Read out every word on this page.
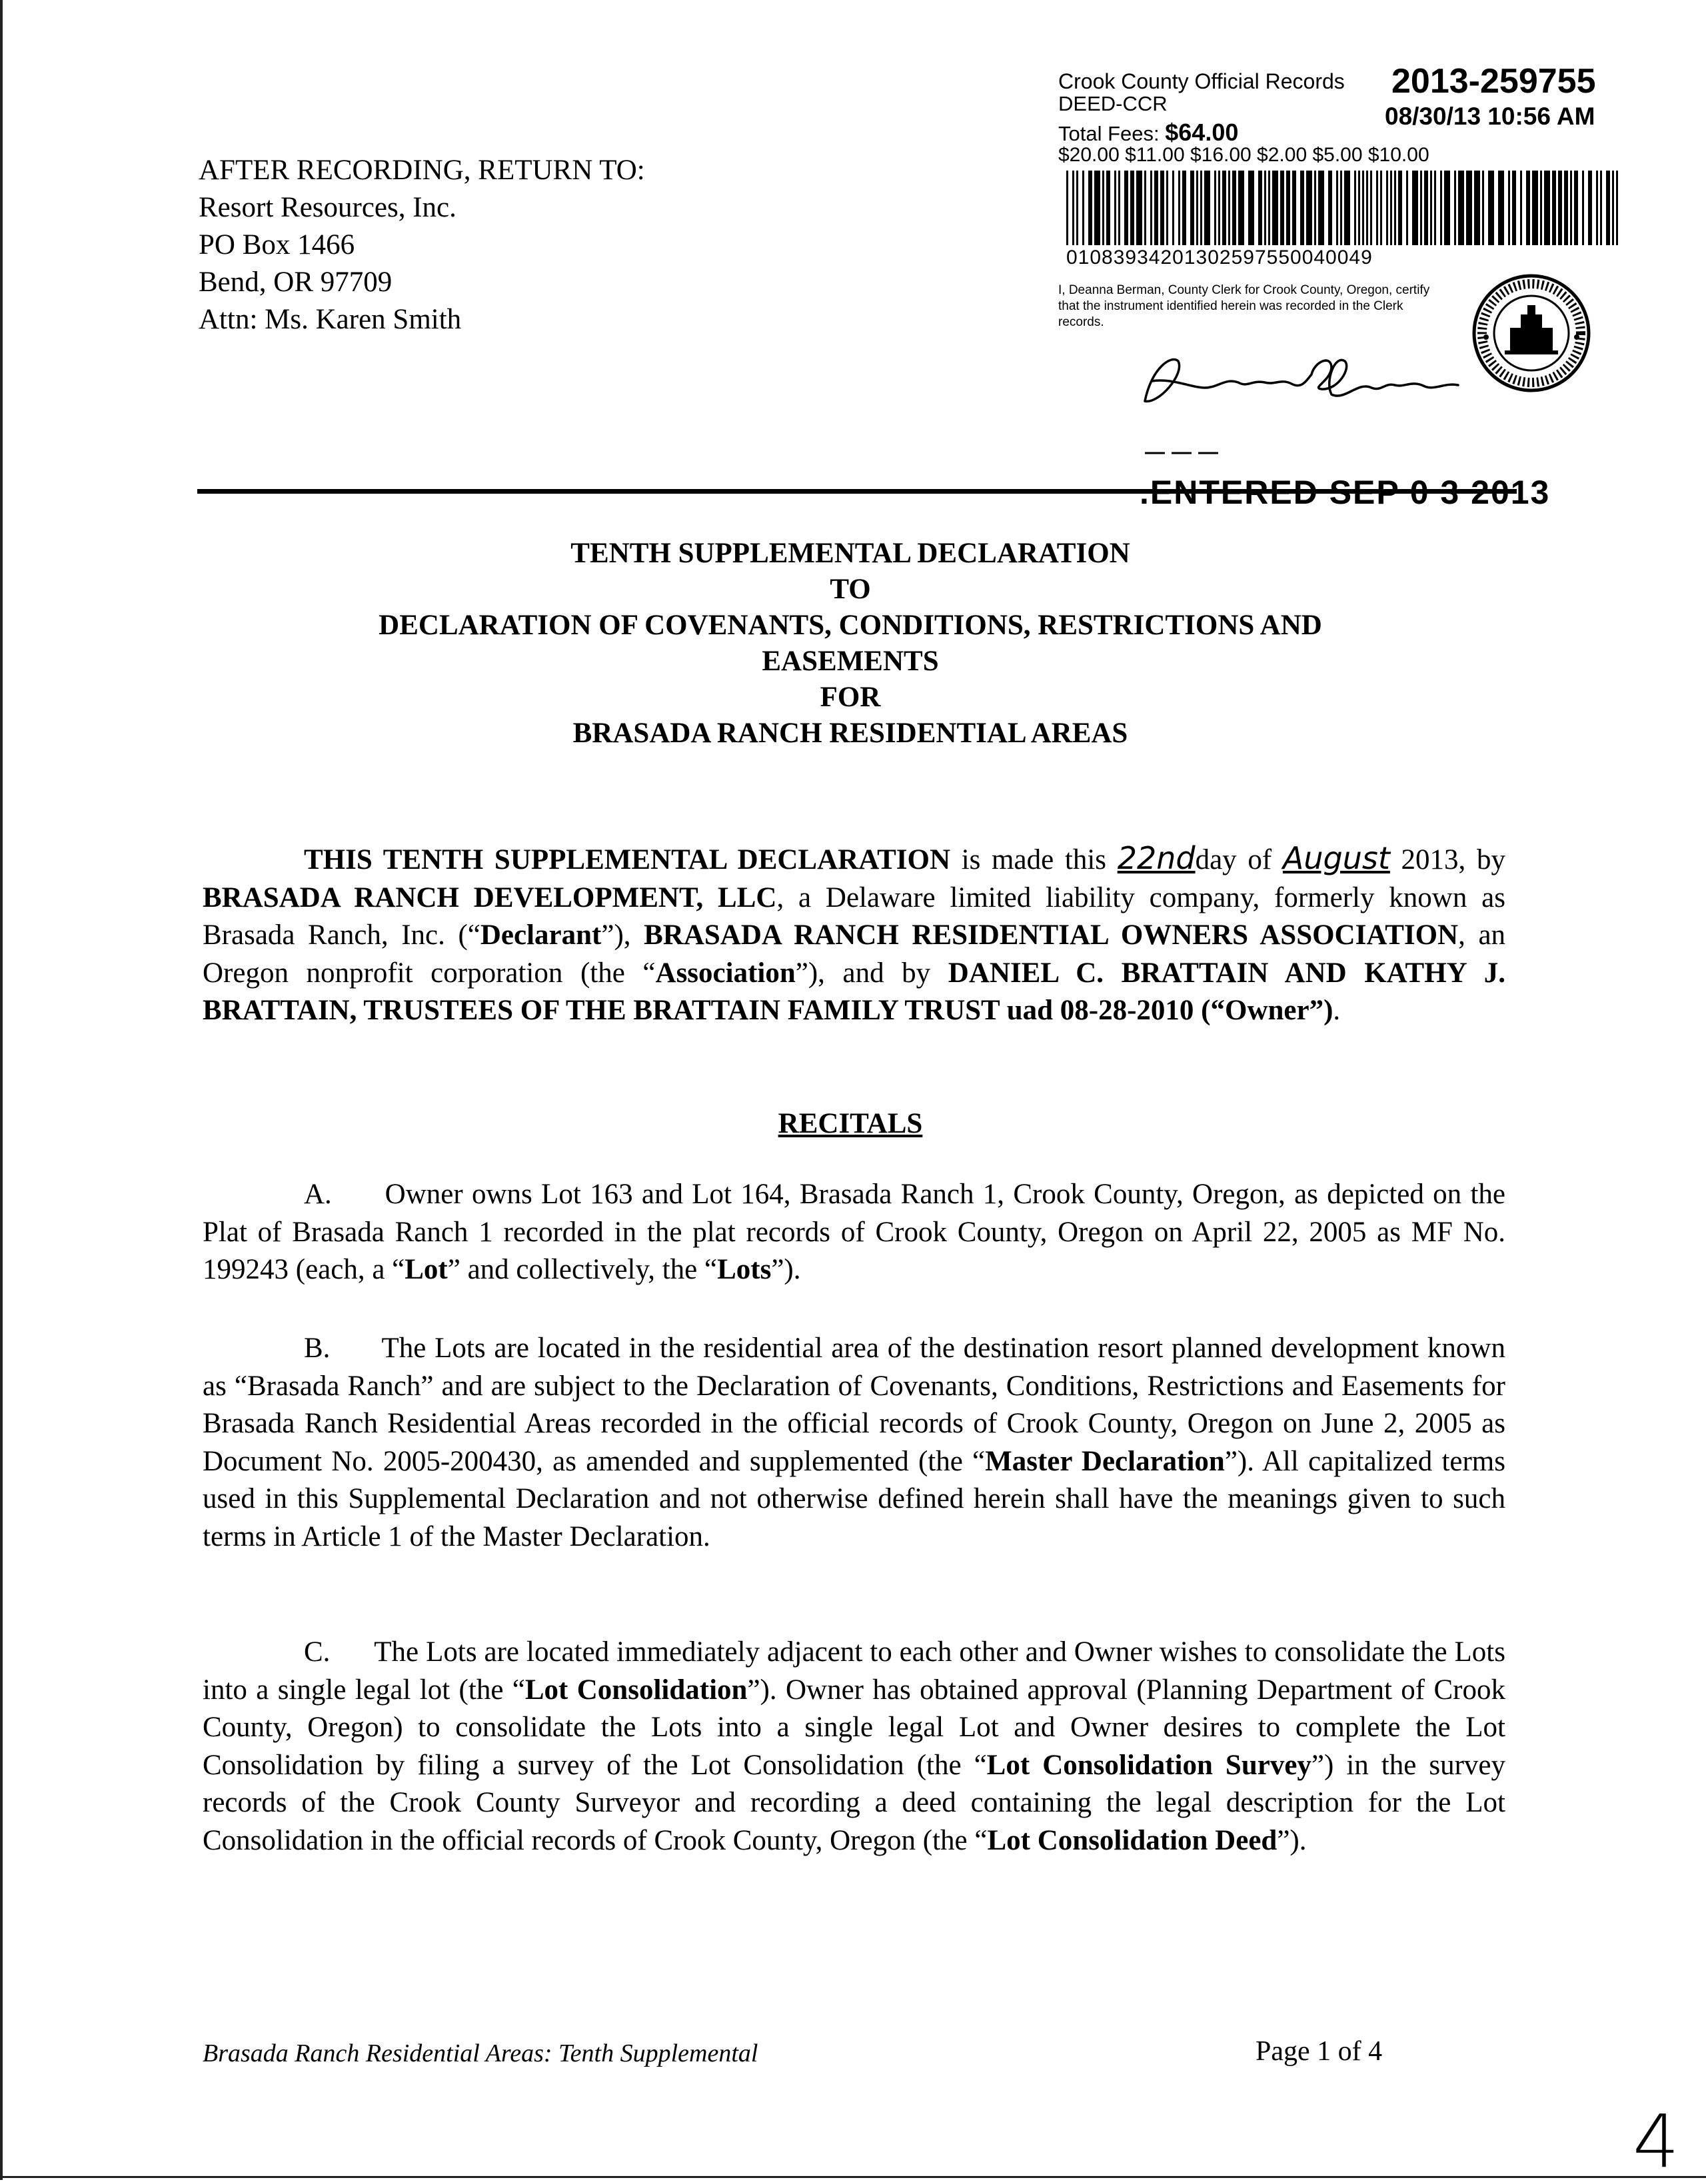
AFTER RECORDING, RETURN TO:
Resort Resources, Inc.
PO Box 1466
Bend, OR 97709
Attn: Ms. Karen Smith
Crook County Official Records 2013-259755
DEED-CCR	08/30/13 10:56 AM
Total Fees: $64.00
$20.00 $11.00 $16.00 $2.00 $5.00 $10.00
01083934201302597550040049
I, Deanna Berman, County Clerk for Crook County, Oregon, certify that the instrument identified herein was recorded in the Clerk records.
.ENTERED SEP 0 3 2013
TENTH SUPPLEMENTAL DECLARATION
TO
DECLARATION OF COVENANTS, CONDITIONS, RESTRICTIONS AND
EASEMENTS
FOR
BRASADA RANCH RESIDENTIAL AREAS
THIS TENTH SUPPLEMENTAL DECLARATION is made this 22ndday of August 2013, by BRASADA RANCH DEVELOPMENT, LLC, a Delaware limited liability company, formerly known as Brasada Ranch, Inc. (“Declarant”), BRASADA RANCH RESIDENTIAL OWNERS ASSOCIATION, an Oregon nonprofit corporation (the “Association”), and by DANIEL C. BRATTAIN AND KATHY J. BRATTAIN, TRUSTEES OF THE BRATTAIN FAMILY TRUST uad 08-28-2010 (“Owner”).
RECITALS
A.      Owner owns Lot 163 and Lot 164, Brasada Ranch 1, Crook County, Oregon, as depicted on the Plat of Brasada Ranch 1 recorded in the plat records of Crook County, Oregon on April 22, 2005 as MF No. 199243 (each, a “Lot” and collectively, the “Lots”).
B.      The Lots are located in the residential area of the destination resort planned development known as “Brasada Ranch” and are subject to the Declaration of Covenants, Conditions, Restrictions and Easements for Brasada Ranch Residential Areas recorded in the official records of Crook County, Oregon on June 2, 2005 as Document No. 2005-200430, as amended and supplemented (the “Master Declaration”). All capitalized terms used in this Supplemental Declaration and not otherwise defined herein shall have the meanings given to such terms in Article 1 of the Master Declaration.
C.      The Lots are located immediately adjacent to each other and Owner wishes to consolidate the Lots into a single legal lot (the “Lot Consolidation”). Owner has obtained approval (Planning Department of Crook County, Oregon) to consolidate the Lots into a single legal Lot and Owner desires to complete the Lot Consolidation by filing a survey of the Lot Consolidation (the “Lot Consolidation Survey”) in the survey records of the Crook County Surveyor and recording a deed containing the legal description for the Lot Consolidation in the official records of Crook County, Oregon (the “Lot Consolidation Deed”).
Brasada Ranch Residential Areas: Tenth Supplemental	Page 1 of 4
4
